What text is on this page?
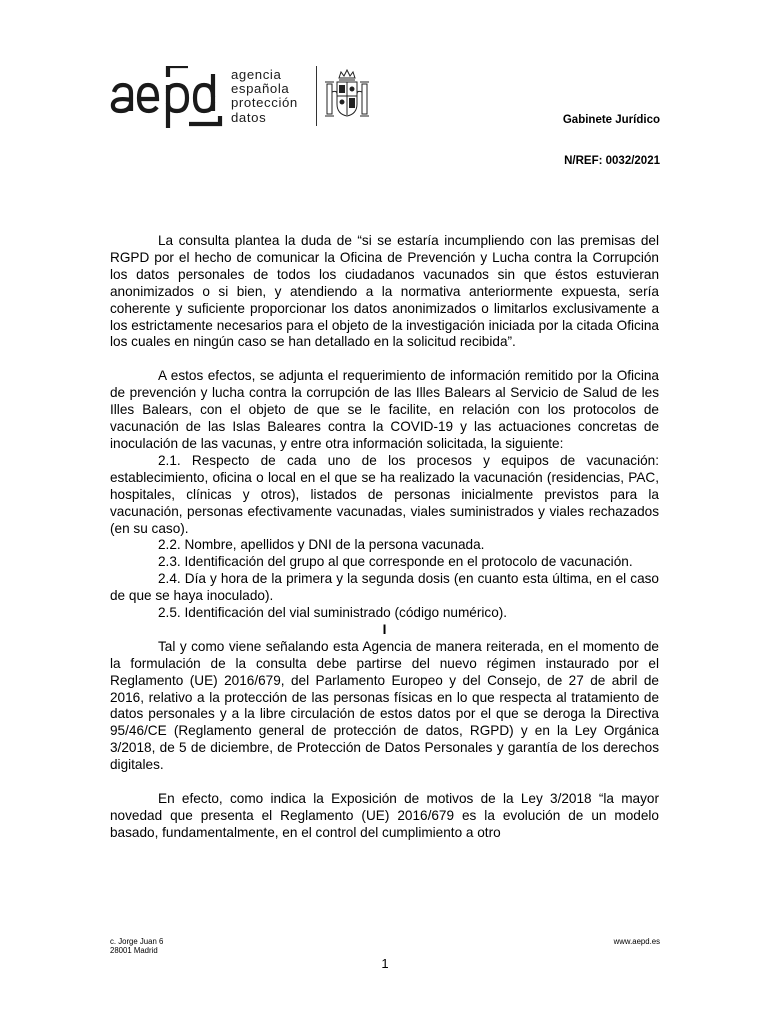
agencia
española
protección
datos	Gabinete Jurídico
N/REF: 0032/2021

La consulta plantea la duda de “si se estaría incumpliendo con las premisas del RGPD por el hecho de comunicar la Oficina de Prevención y Lucha contra la Corrupción los datos personales de todos los ciudadanos vacunados sin que éstos estuvieran anonimizados o si bien, y atendiendo a la normativa anteriormente expuesta, sería coherente y suficiente proporcionar los datos anonimizados o limitarlos exclusivamente a los estrictamente necesarios para el objeto de la investigación iniciada por la citada Oficina los cuales en ningún caso se han detallado en la solicitud recibida”.

A estos efectos, se adjunta el requerimiento de información remitido por la Oficina de prevención y lucha contra la corrupción de las Illes Balears al Servicio de Salud de les Illes Balears, con el objeto de que se le facilite, en relación con los protocolos de vacunación de las Islas Baleares contra la COVID-19 y las actuaciones concretas de inoculación de las vacunas, y entre otra información solicitada, la siguiente:

2.1. Respecto de cada uno de los procesos y equipos de vacunación: establecimiento, oficina o local en el que se ha realizado la vacunación (residencias, PAC, hospitales, clínicas y otros), listados de personas inicialmente previstos para la vacunación, personas efectivamente vacunadas, viales suministrados y viales rechazados (en su caso).

2.2. Nombre, apellidos y DNI de la persona vacunada.

2.3. Identificación del grupo al que corresponde en el protocolo de vacunación.

2.4. Día y hora de la primera y la segunda dosis (en cuanto esta última, en el caso de que se haya inoculado).

2.5. Identificación del vial suministrado (código numérico).

I

Tal y como viene señalando esta Agencia de manera reiterada, en el momento de la formulación de la consulta debe partirse del nuevo régimen instaurado por el Reglamento (UE) 2016/679, del Parlamento Europeo y del Consejo, de 27 de abril de 2016, relativo a la protección de las personas físicas en lo que respecta al tratamiento de datos personales y a la libre circulación de estos datos por el que se deroga la Directiva 95/46/CE (Reglamento general de protección de datos, RGPD) y en la Ley Orgánica 3/2018, de 5 de diciembre, de Protección de Datos Personales y garantía de los derechos digitales.

En efecto, como indica la Exposición de motivos de la Ley 3/2018 “la mayor novedad que presenta el Reglamento (UE) 2016/679 es la evolución de un modelo basado, fundamentalmente, en el control del cumplimiento a otro

c. Jorge Juan 6
28001 Madrid
www.aepd.es
1
